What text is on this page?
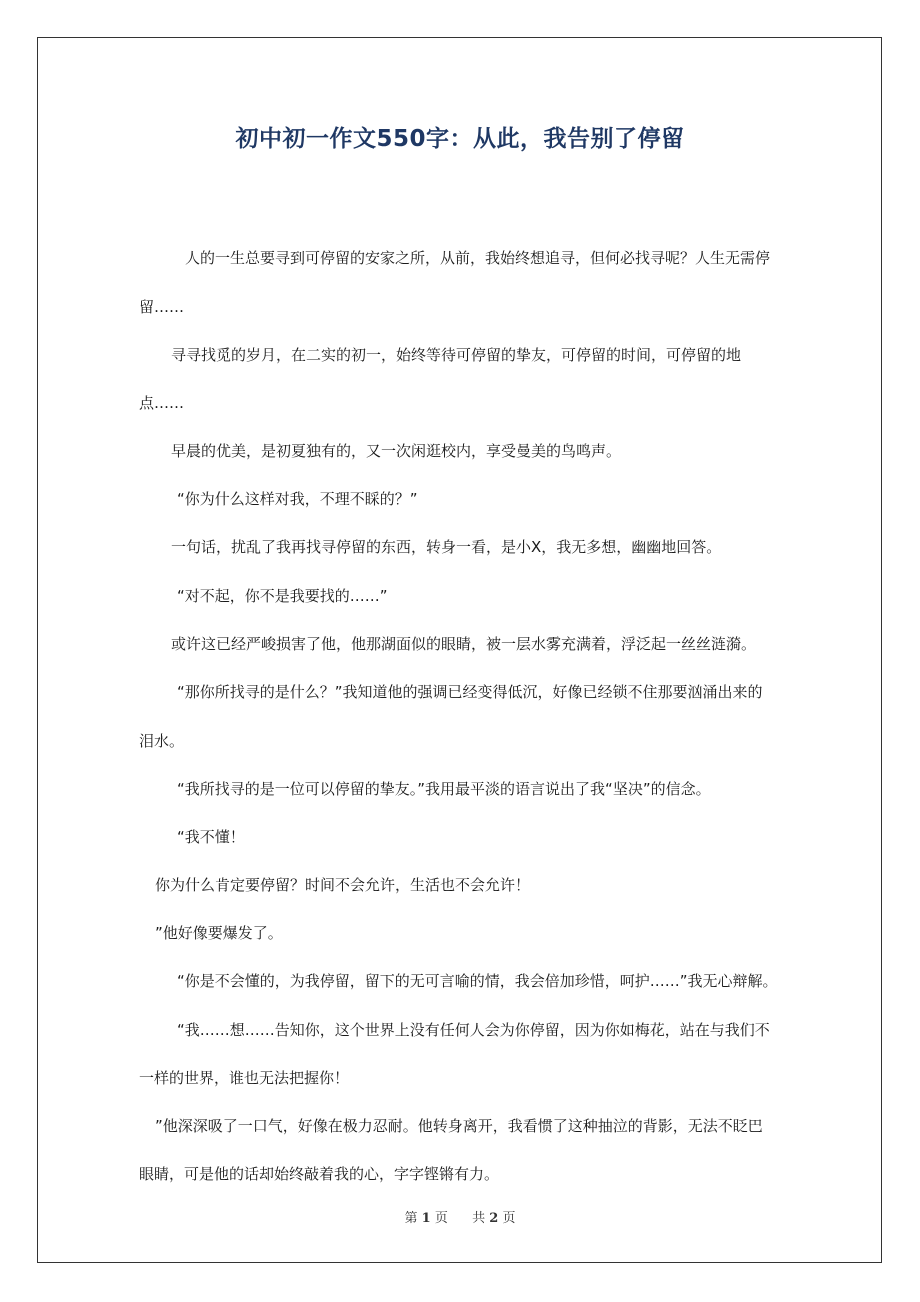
初中初一作文550字：从此，我告别了停留
人的一生总要寻到可停留的安家之所，从前，我始终想追寻，但何必找寻呢？人生无需停
留……
寻寻找觅的岁月，在二实的初一，始终等待可停留的挚友，可停留的时间，可停留的地
点……
早晨的优美，是初夏独有的，又一次闲逛校内，享受曼美的鸟鸣声。
“你为什么这样对我，不理不睬的？”
一句话，扰乱了我再找寻停留的东西，转身一看，是小X，我无多想，幽幽地回答。
“对不起，你不是我要找的……”
或许这已经严峻损害了他，他那湖面似的眼睛，被一层水雾充满着，浮泛起一丝丝涟漪。
“那你所找寻的是什么？”我知道他的强调已经变得低沉，好像已经锁不住那要汹涌出来的
泪水。
“我所找寻的是一位可以停留的挚友。”我用最平淡的语言说出了我“坚决”的信念。
“我不懂！
你为什么肯定要停留？时间不会允许，生活也不会允许！
”他好像要爆发了。
“你是不会懂的，为我停留，留下的无可言喻的情，我会倍加珍惜，呵护……”我无心辩解。
“我……想……告知你，这个世界上没有任何人会为你停留，因为你如梅花，站在与我们不
一样的世界，谁也无法把握你！
”他深深吸了一口气，好像在极力忍耐。他转身离开，我看惯了这种抽泣的背影，无法不眨巴
眼睛，可是他的话却始终敲着我的心，字字铿锵有力。
第 1 页 共 2 页
